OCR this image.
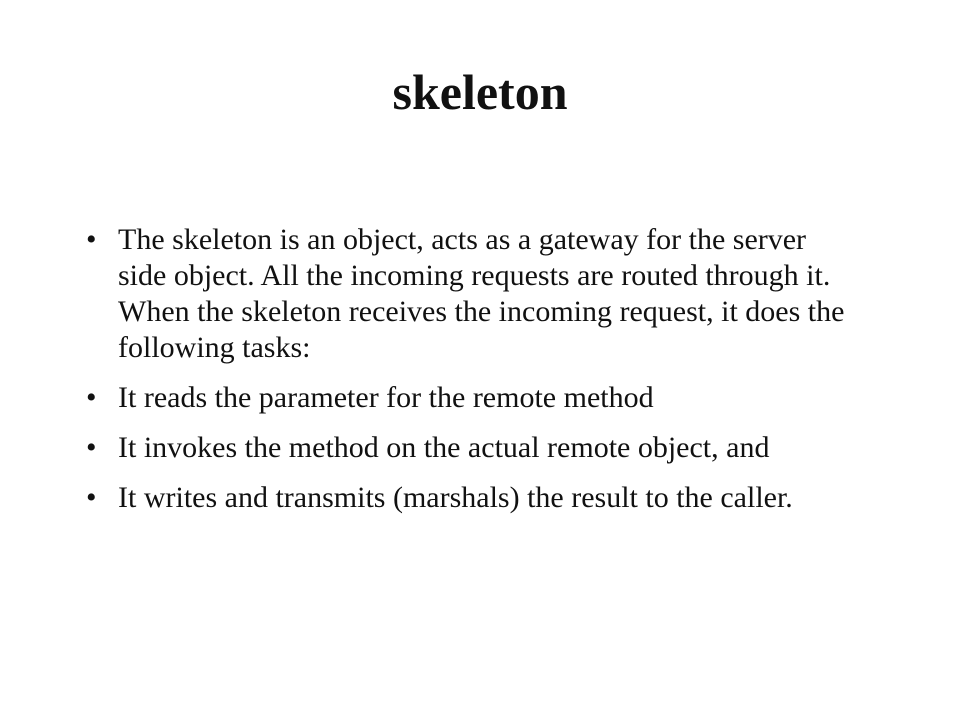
skeleton
• The skeleton is an object, acts as a gateway for the server side object. All the incoming requests are routed through it. When the skeleton receives the incoming request, it does the following tasks:
• It reads the parameter for the remote method
• It invokes the method on the actual remote object, and
• It writes and transmits (marshals) the result to the caller.
